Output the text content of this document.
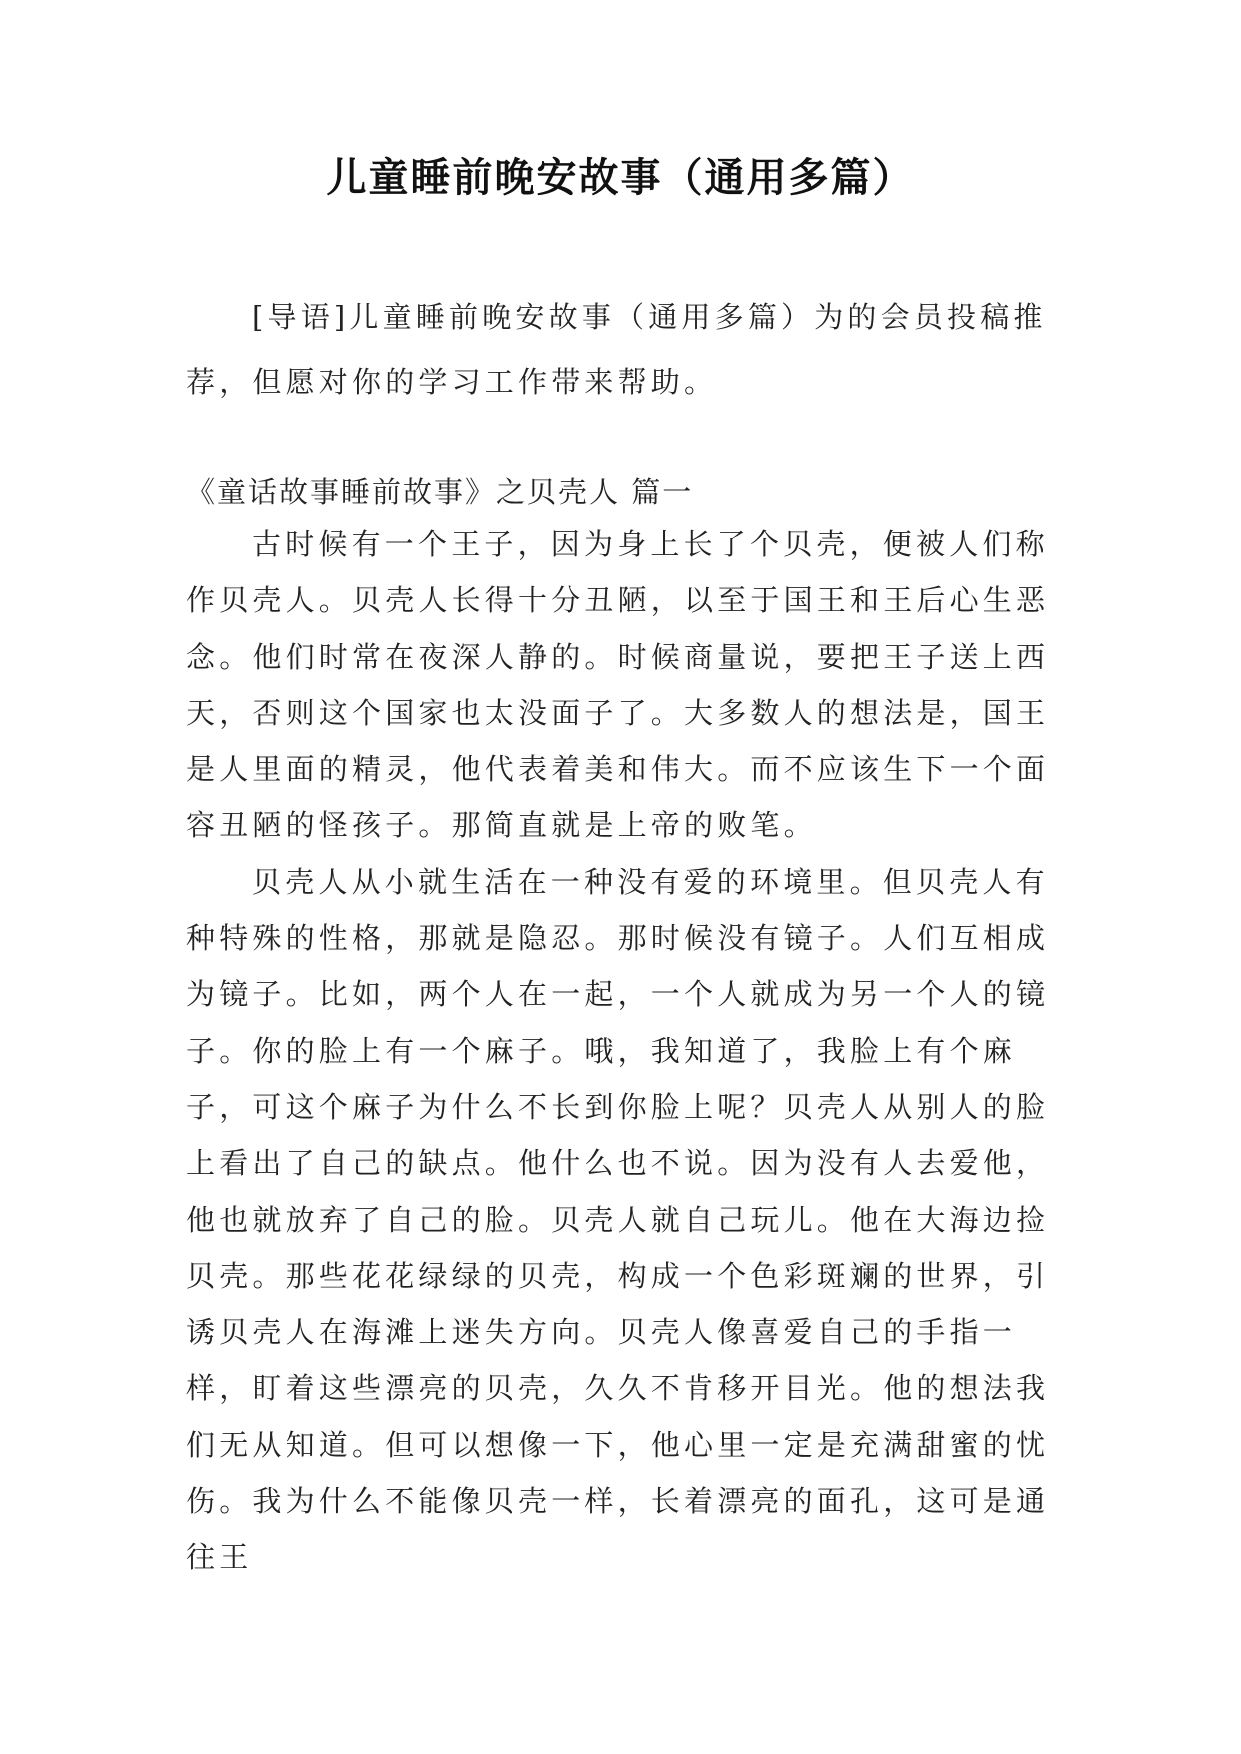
儿童睡前晚安故事（通用多篇）

[导语]儿童睡前晚安故事（通用多篇）为的会员投稿推荐，但愿对你的学习工作带来帮助。

《童话故事睡前故事》之贝壳人 篇一

古时候有一个王子，因为身上长了个贝壳，便被人们称作贝壳人。贝壳人长得十分丑陋，以至于国王和王后心生恶念。他们时常在夜深人静的。时候商量说，要把王子送上西天，否则这个国家也太没面子了。大多数人的想法是，国王是人里面的精灵，他代表着美和伟大。而不应该生下一个面容丑陋的怪孩子。那简直就是上帝的败笔。

贝壳人从小就生活在一种没有爱的环境里。但贝壳人有种特殊的性格，那就是隐忍。那时候没有镜子。人们互相成为镜子。比如，两个人在一起，一个人就成为另一个人的镜子。你的脸上有一个麻子。哦，我知道了，我脸上有个麻子，可这个麻子为什么不长到你脸上呢？贝壳人从别人的脸上看出了自己的缺点。他什么也不说。因为没有人去爱他，他也就放弃了自己的脸。贝壳人就自己玩儿。他在大海边捡贝壳。那些花花绿绿的贝壳，构成一个色彩斑斓的世界，引诱贝壳人在海滩上迷失方向。贝壳人像喜爱自己的手指一样，盯着这些漂亮的贝壳，久久不肯移开目光。他的想法我们无从知道。但可以想像一下，他心里一定是充满甜蜜的忧伤。我为什么不能像贝壳一样，长着漂亮的面孔，这可是通往王
